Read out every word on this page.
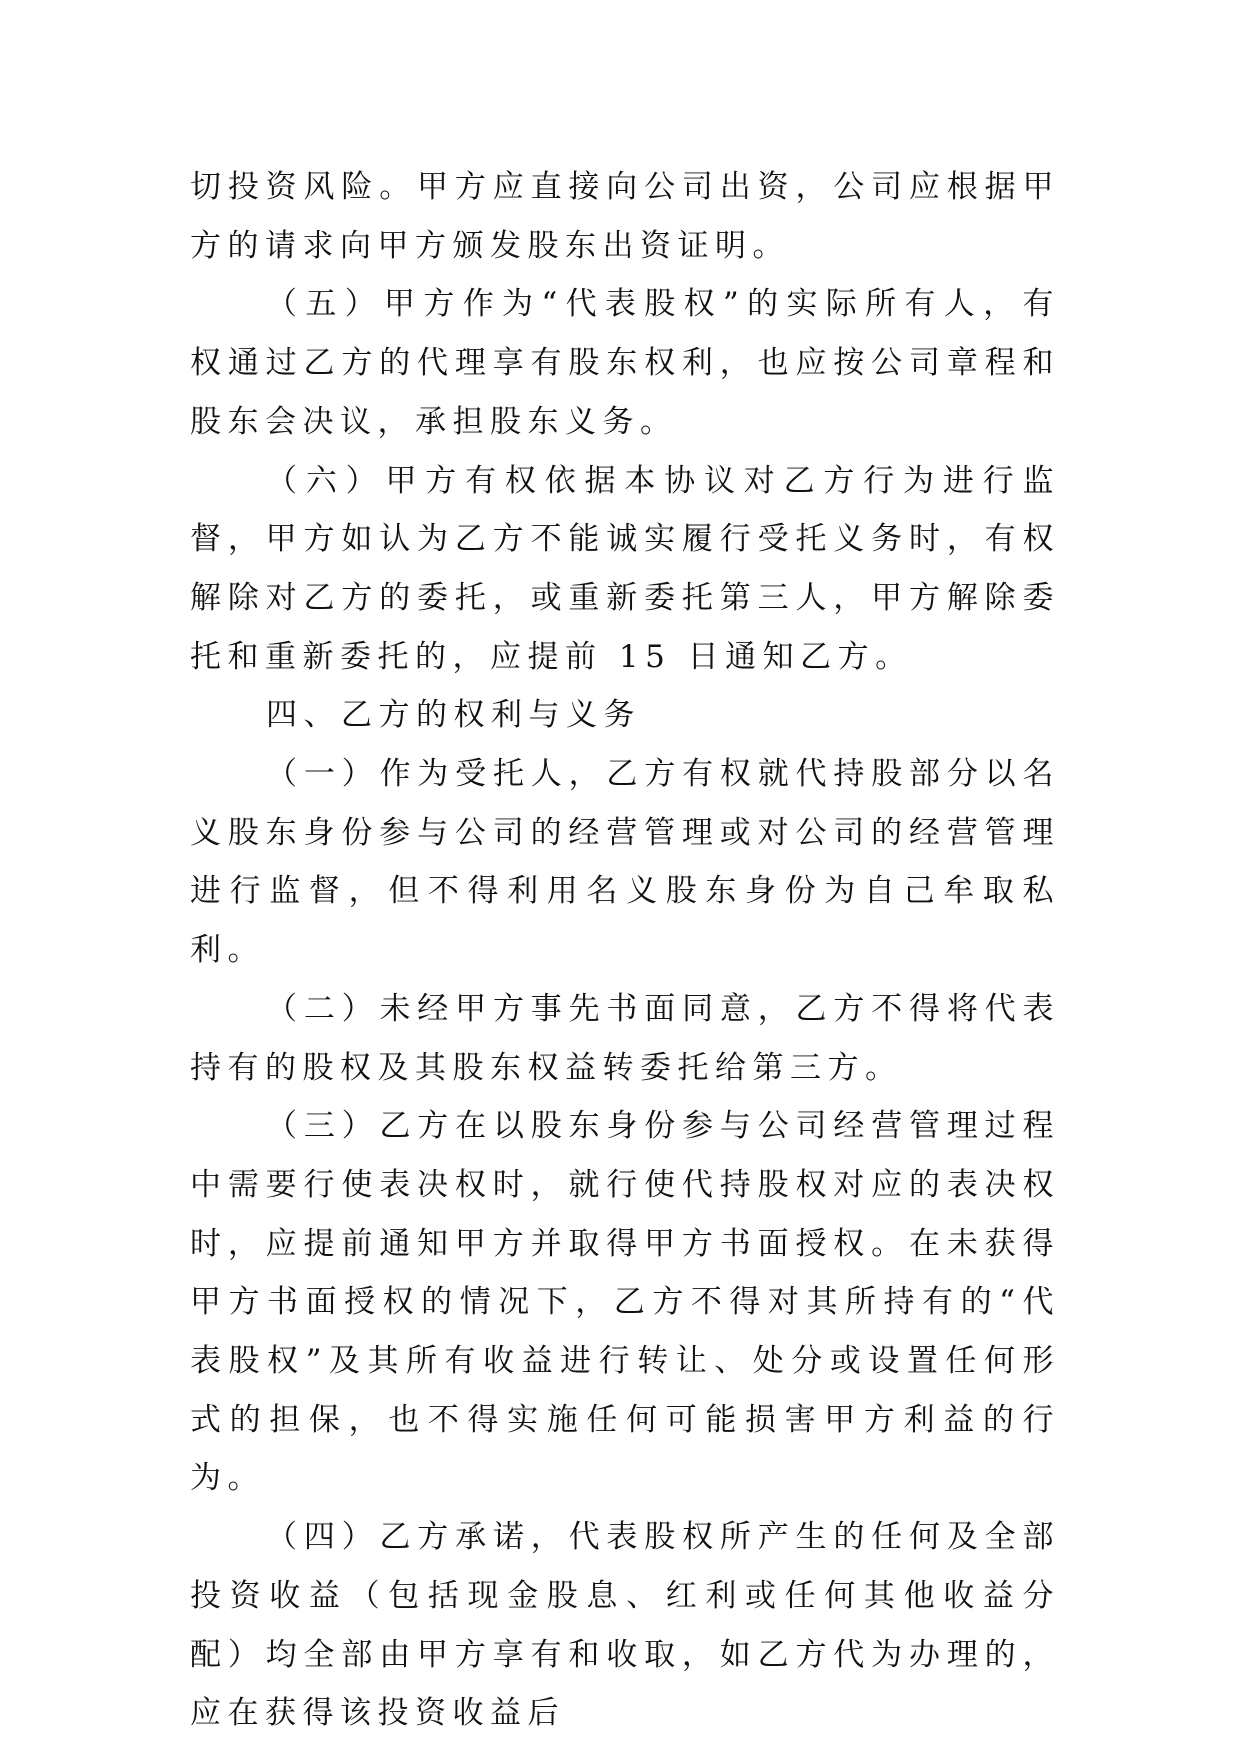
切投资风险。甲方应直接向公司出资，公司应根据甲方的请求向甲方颁发股东出资证明。

（五）甲方作为“代表股权”的实际所有人，有权通过乙方的代理享有股东权利，也应按公司章程和股东会决议，承担股东义务。

（六）甲方有权依据本协议对乙方行为进行监督，甲方如认为乙方不能诚实履行受托义务时，有权解除对乙方的委托，或重新委托第三人，甲方解除委托和重新委托的，应提前 15 日通知乙方。

四、乙方的权利与义务

（一）作为受托人，乙方有权就代持股部分以名义股东身份参与公司的经营管理或对公司的经营管理进行监督，但不得利用名义股东身份为自己牟取私利。

（二）未经甲方事先书面同意，乙方不得将代表持有的股权及其股东权益转委托给第三方。

（三）乙方在以股东身份参与公司经营管理过程中需要行使表决权时，就行使代持股权对应的表决权时，应提前通知甲方并取得甲方书面授权。在未获得甲方书面授权的情况下，乙方不得对其所持有的“代表股权”及其所有收益进行转让、处分或设置任何形式的担保，也不得实施任何可能损害甲方利益的行为。

（四）乙方承诺，代表股权所产生的任何及全部投资收益（包括现金股息、红利或任何其他收益分配）均全部由甲方享有和收取，如乙方代为办理的，应在获得该投资收益后
